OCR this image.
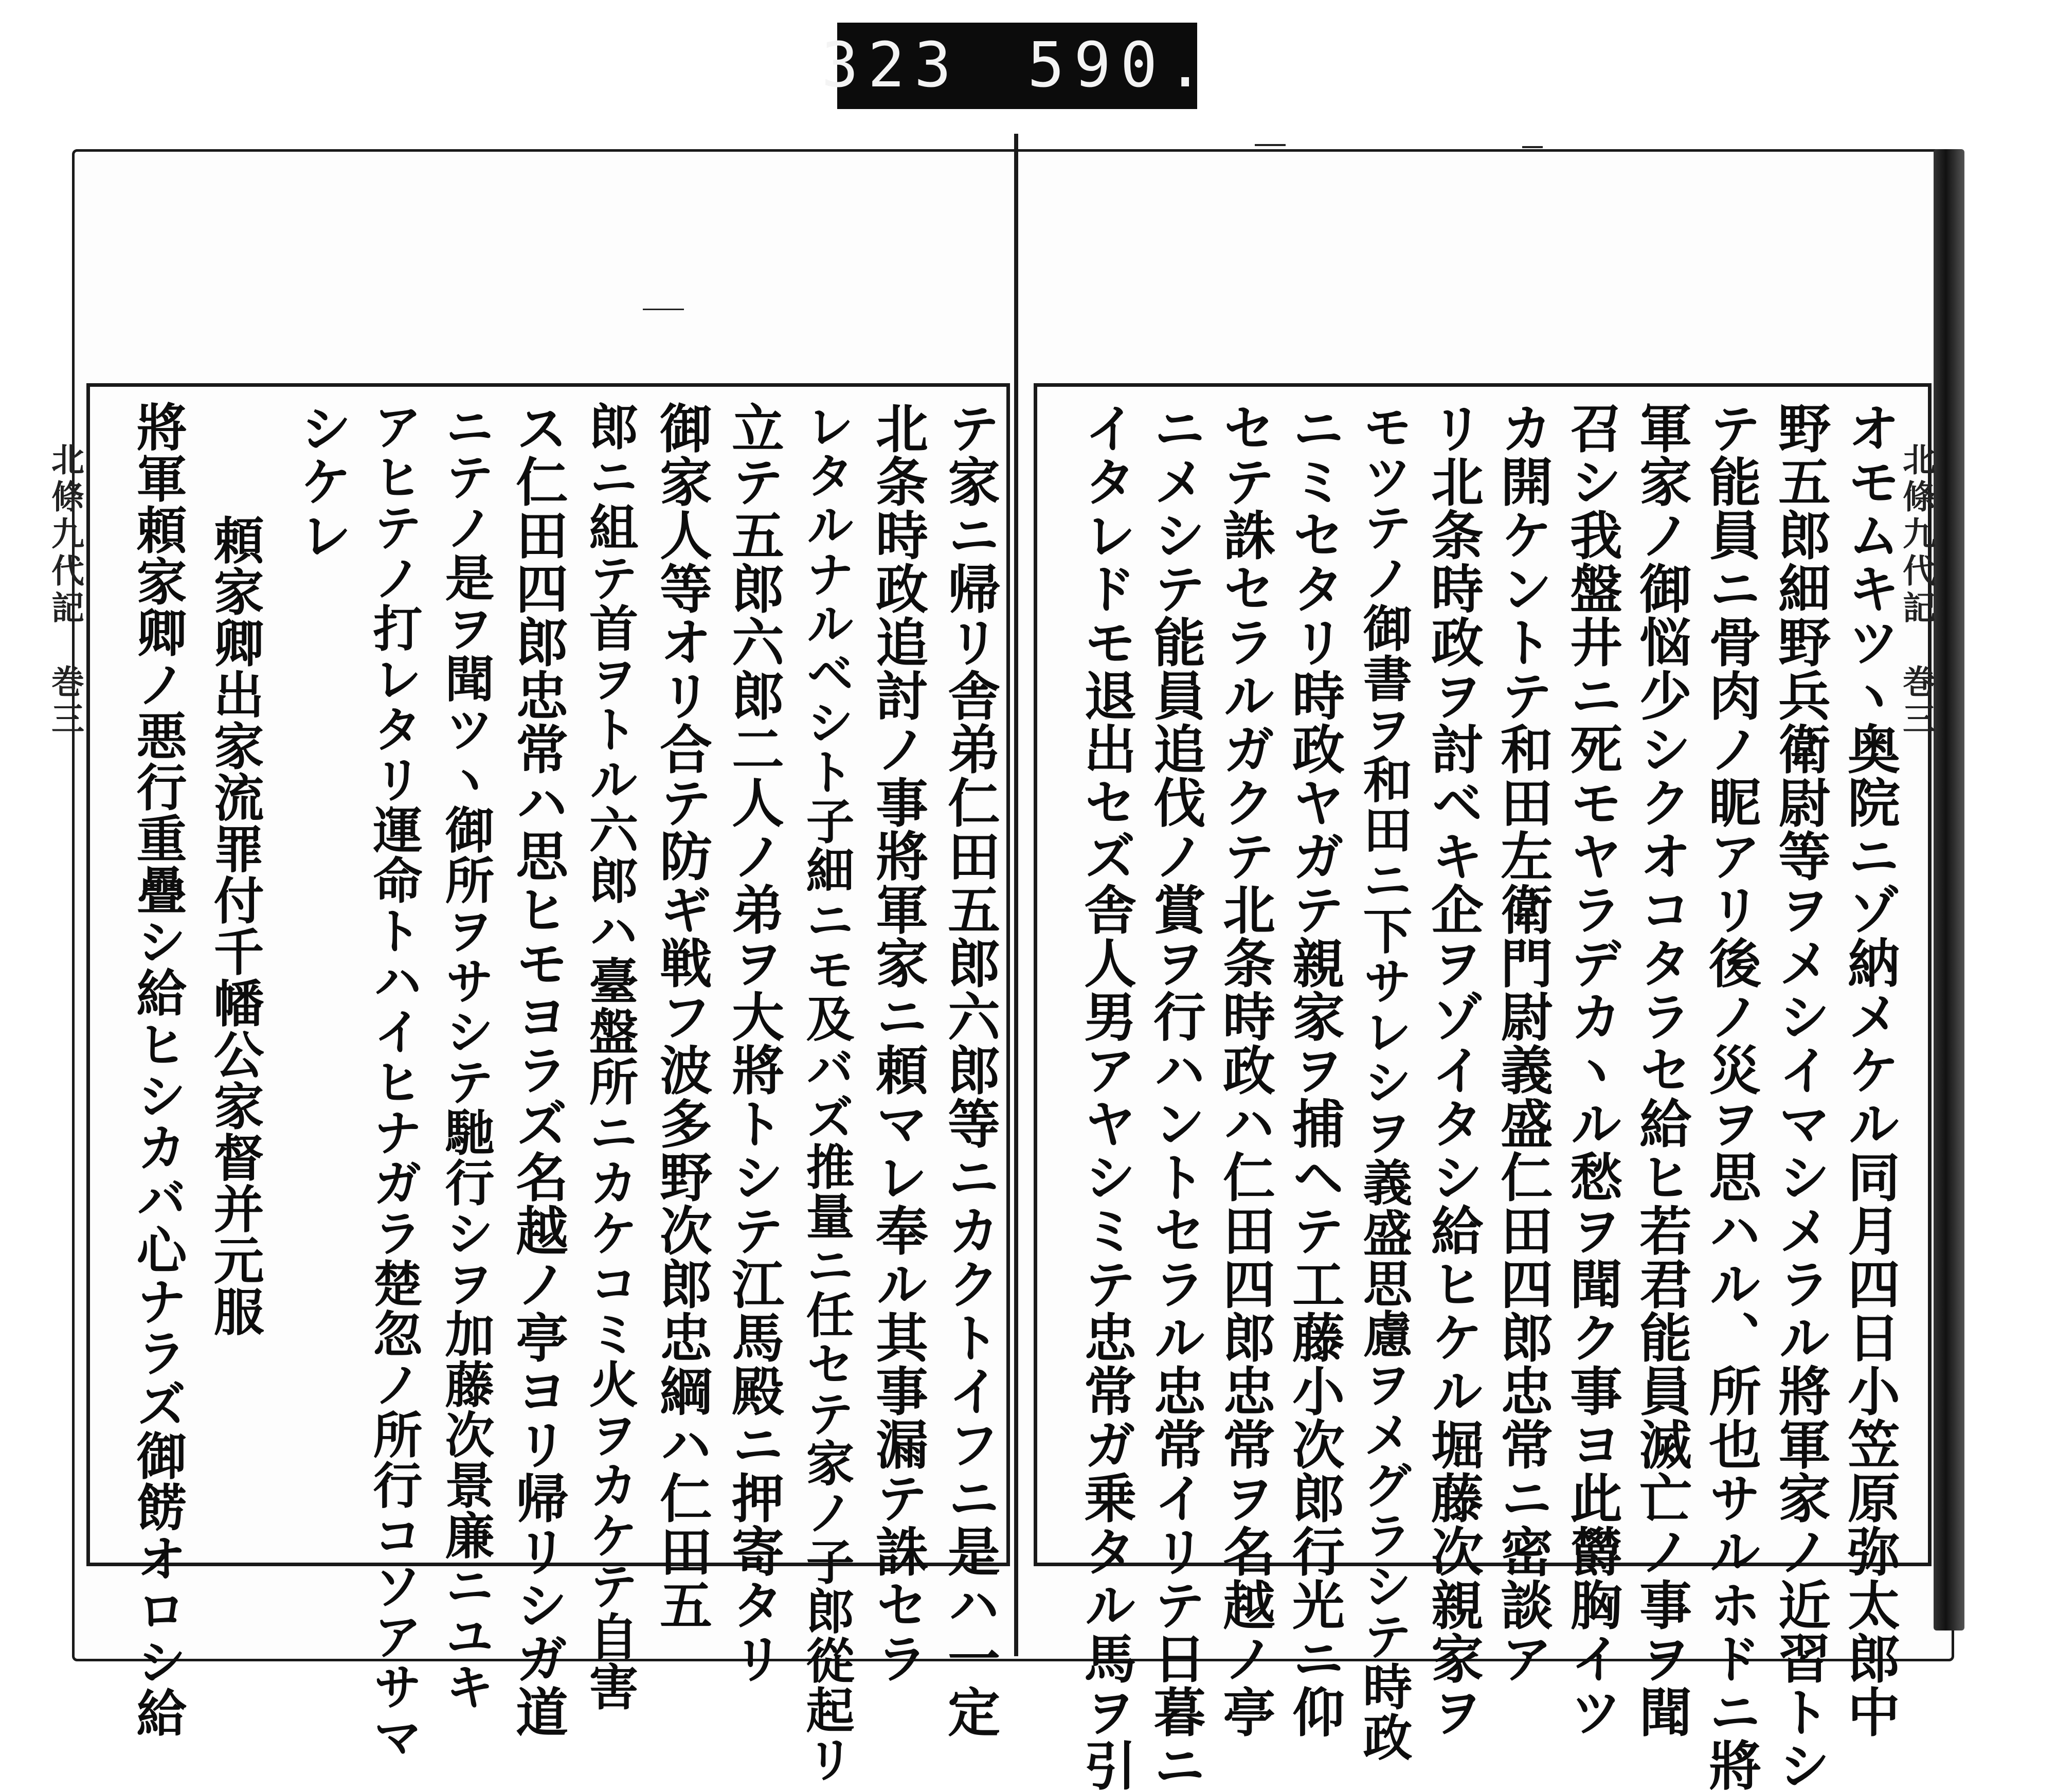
323 590.
北條九代記　巻三	北條九代記　巻三
テ家ニ帰リ舎弟仁田五郎六郎等ニカクトイフニ是ハ一定
北条時政追討ノ事將軍家ニ頼マレ奉ル其事漏テ誅セラ
レタルナルベシト子細ニモ及バズ推量ニ任セテ家ノ子郎從起リ
立テ五郎六郎二人ノ弟ヲ大將トシテ江馬殿ニ押寄タリ
御家人等オリ合テ防ギ戦フ波多野次郎忠綱ハ仁田五
郎ニ組テ首ヲトル六郎ハ臺盤所ニカケコミ火ヲカケテ自害
ス仁田四郎忠常ハ思ヒモヨラズ名越ノ亭ヨリ帰リシガ道
ニテノ是ヲ聞ツヽ御所ヲサシテ馳行シヲ加藤次景廉ニユキ
アヒテノ打レタリ運命トハイヒナガラ楚忽ノ所行コソアサマ
シケレ
頼家卿出家流罪付千幡公家督并元服
將軍頼家卿ノ悪行重疊シ給ヒシカバ心ナラズ御餝オロシ給	オモムキツヽ奥院ニゾ納メケル同月四日小笠原弥太郎中
野五郎細野兵衛尉等ヲメシイマシメラル將軍家ノ近習トシ
テ能員ニ骨肉ノ眤アリ後ノ災ヲ思ハル、所也サルホドニ將
軍家ノ御悩少シクオコタラセ給ヒ若君能員滅亡ノ事ヲ聞
召シ我盤井ニ死モヤラデカヽル愁ヲ聞ク事ヨ此欝胸イツ
カ開ケントテ和田左衛門尉義盛仁田四郎忠常ニ密談ア
リ北条時政ヲ討ベキ企ヲゾイタシ給ヒケル堀藤次親家ヲ
モツテノ御書ヲ和田ニ下サレシヲ義盛思慮ヲメグラシテ時政
ニミセタリ時政ヤガテ親家ヲ捕ヘテ工藤小次郎行光ニ仰
セテ誅セラルガクテ北条時政ハ仁田四郎忠常ヲ名越ノ亭
ニメシテ能員追伐ノ賞ヲ行ハントセラル忠常イリテ日暮ニ
イタレドモ退出セズ舎人男アヤシミテ忠常ガ乗タル馬ヲ引
